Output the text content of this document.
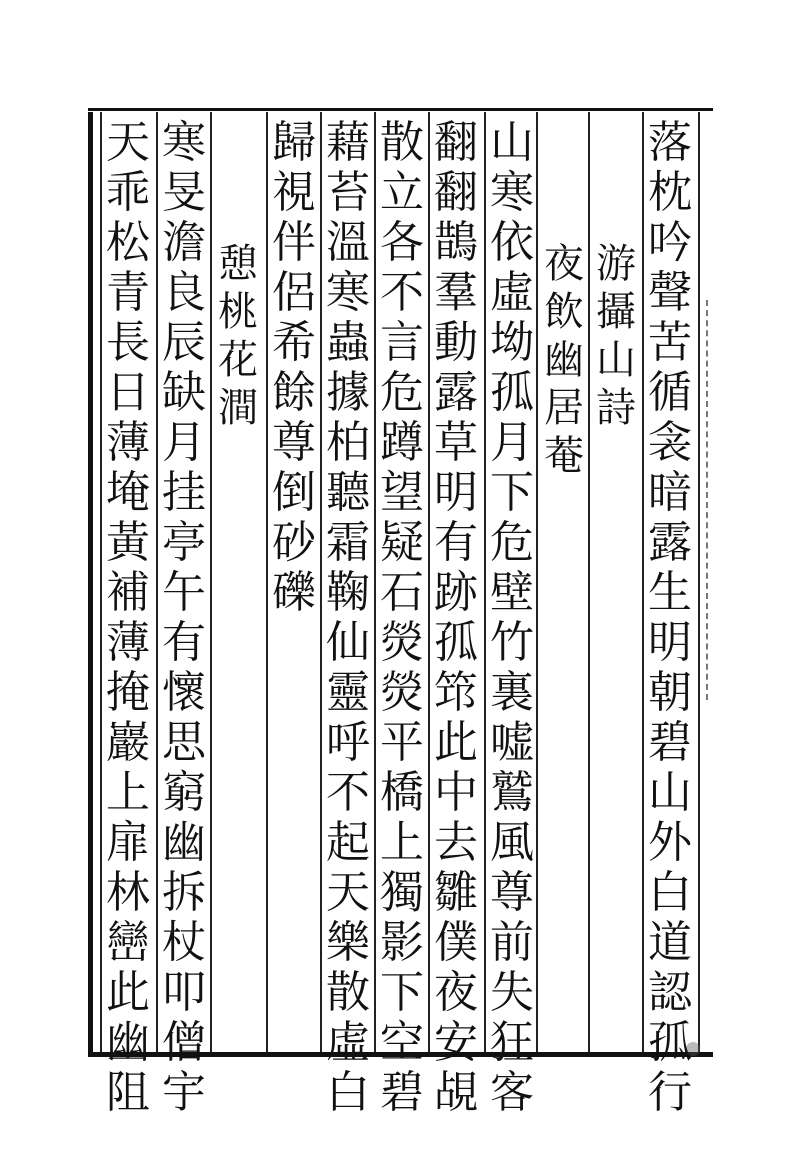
落
枕
吟
聲
苦
循
衾
暗
露
生
明
朝
碧
山
外
白
道
認
孤
行
游
攝
山
詩
夜
飲
幽
居
菴
山
寒
依
虛
坳
孤
月
下
危
壁
竹
裏
嘘
鷲
風
尊
前
失
狂
客
翻
翻
鵲
羣
動
露
草
明
有
跡
孤
筇
此
中
去
雛
僕
夜
安
覘
散
立
各
不
言
危
蹲
望
疑
石
熒
熒
平
橋
上
獨
影
下
空
碧
藉
苔
溫
寒
蟲
據
柏
聽
霜
鞠
仙
靈
呼
不
起
天
樂
散
虛
白
歸
視
伴
侶
希
餘
尊
倒
砂
礫
憩
桃
花
澗
寒
旻
澹
良
辰
缺
月
挂
亭
午
有
懷
思
窮
幽
拆
杖
叩
僧
宇
天
乖
松
青
長
日
薄
埯
黃
補
薄
掩
巖
上
扉
林
巒
此
幽
阻
